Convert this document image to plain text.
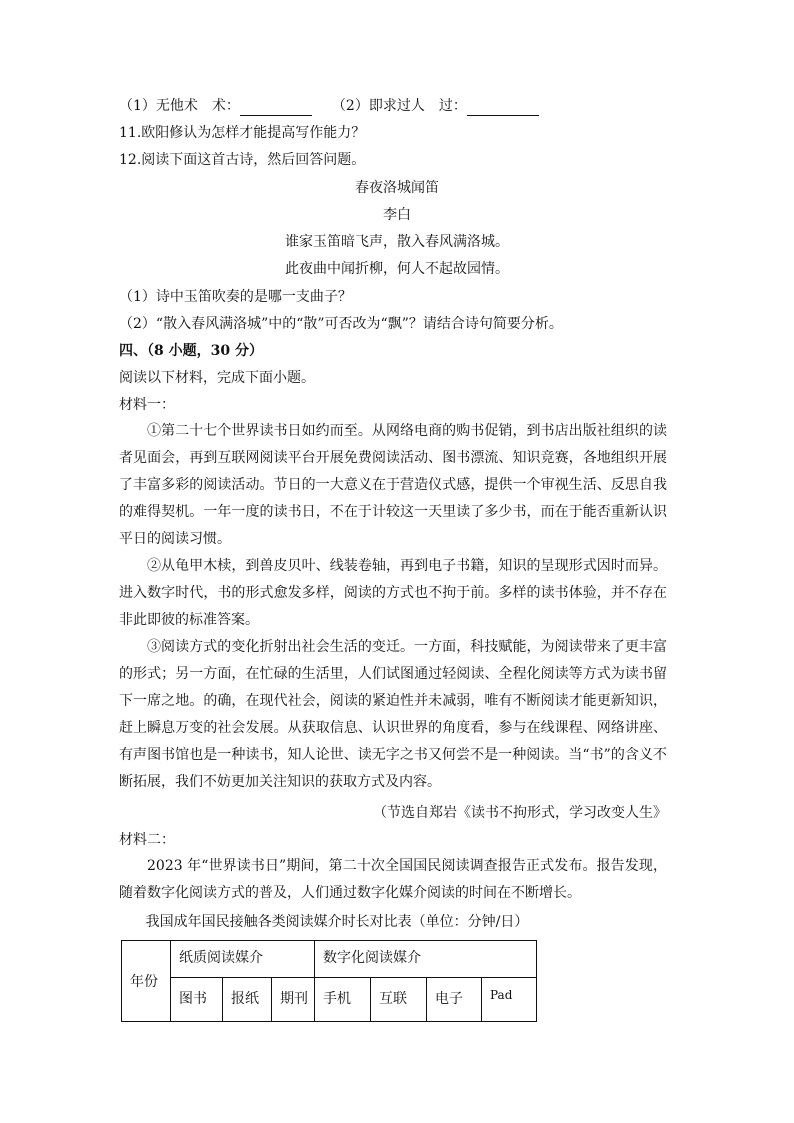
（1）无他术　术：	（2）即求过人　过：
11.欧阳修认为怎样才能提高写作能力？
12.阅读下面这首古诗，然后回答问题。
春夜洛城闻笛
李白
谁家玉笛暗飞声，散入春风满洛城。
此夜曲中闻折柳，何人不起故园情。
（1）诗中玉笛吹奏的是哪一支曲子？
（2）“散入春风满洛城”中的“散”可否改为“飘”？请结合诗句简要分析。
四、（8 小题，30 分）
阅读以下材料，完成下面小题。
材料一：
①第二十七个世界读书日如约而至。从网络电商的购书促销，到书店出版社组织的读者见面会，再到互联网阅读平台开展免费阅读活动、图书漂流、知识竞赛，各地组织开展了丰富多彩的阅读活动。节日的一大意义在于营造仪式感，提供一个审视生活、反思自我的难得契机。一年一度的读书日，不在于计较这一天里读了多少书，而在于能否重新认识平日的阅读习惯。
②从龟甲木椟，到兽皮贝叶、线装卷轴，再到电子书籍，知识的呈现形式因时而异。进入数字时代，书的形式愈发多样，阅读的方式也不拘于前。多样的读书体验，并不存在非此即彼的标准答案。
③阅读方式的变化折射出社会生活的变迁。一方面，科技赋能，为阅读带来了更丰富的形式；另一方面，在忙碌的生活里，人们试图通过轻阅读、全程化阅读等方式为读书留下一席之地。的确，在现代社会，阅读的紧迫性并未减弱，唯有不断阅读才能更新知识，赶上瞬息万变的社会发展。从获取信息、认识世界的角度看，参与在线课程、网络讲座、有声图书馆也是一种读书，知人论世、读无字之书又何尝不是一种阅读。当“书”的含义不断拓展，我们不妨更加关注知识的获取方式及内容。
（节选自郑岩《读书不拘形式，学习改变人生》
材料二：
2023 年“世界读书日”期间，第二十次全国国民阅读调查报告正式发布。报告发现，随着数字化阅读方式的普及，人们通过数字化媒介阅读的时间在不断增长。
我国成年国民接触各类阅读媒介时长对比表（单位：分钟/日）
年份	纸质阅读媒介			数字化阅读媒介			
	图书	报纸	期刊	手机	互联	电子	Pad
